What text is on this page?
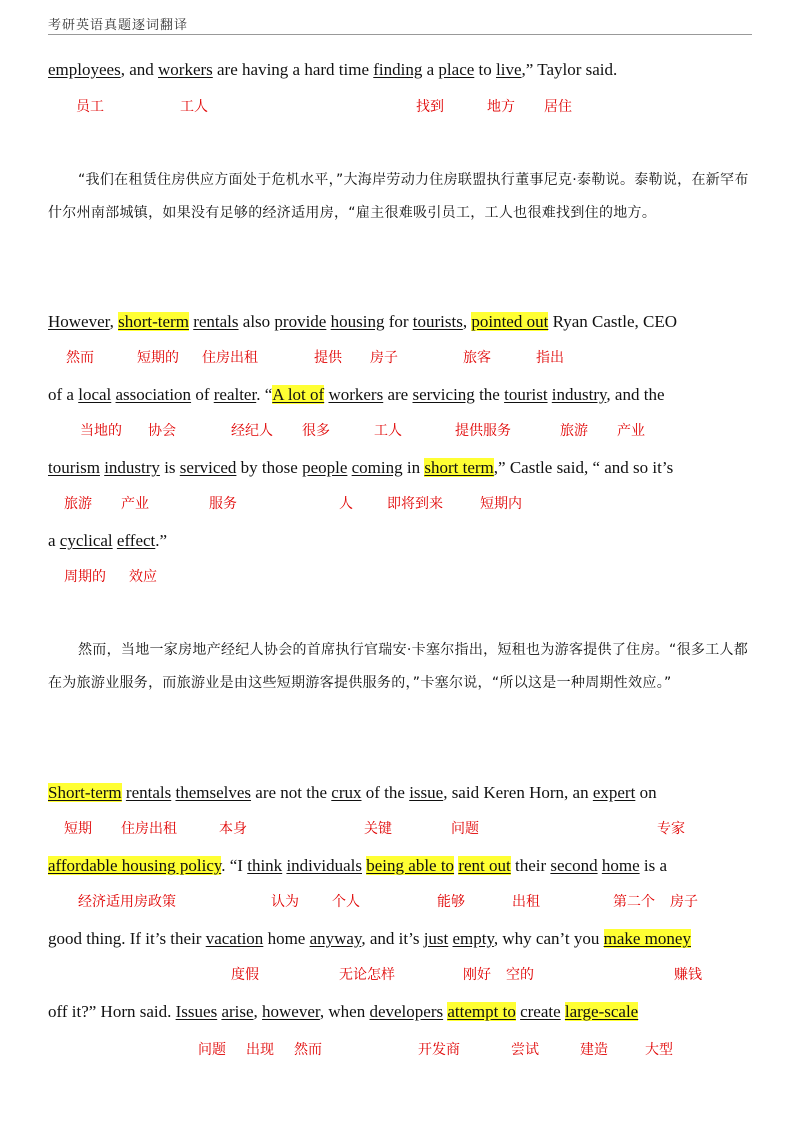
考研英语真题逐词翻译
employees, and workers are having a hard time finding a place to live,” Taylor said.
员工	工人	找到	地方 居住
“我们在租赁住房供应方面处于危机水平，”大海岸劳动力住房联盟执行董事尼克·泰勒说。泰勒说，在新罕布什尔州南部城镇，如果没有足够的经济适用房，“雇主很难吸引员工，工人也很难找到住的地方。
However, short-term rentals also provide housing for tourists, pointed out Ryan Castle, CEO
然而	短期的 住房出租	提供 房子	旅客	指出
of a local association of realter. “A lot of workers are servicing the tourist industry, and the
当地的 协会	经纪人 很多	工人	提供服务	旅游 产业
tourism industry is serviced by those people coming in short term,” Castle said, “ and so it’s
旅游 产业	服务	人 即将到来	短期内
a cyclical effect.”
周期的 效应
然而，当地一家房地产经纪人协会的首席执行官瑞安·卡塞尔指出，短租也为游客提供了住房。“很多工人都在为旅游业服务，而旅游业是由这些短期游客提供服务的，”卡塞尔说，“所以这是一种周期性效应。”
Short-term rentals themselves are not the crux of the issue, said Keren Horn, an expert on
短期 住房出租	本身	关键	问题	专家
affordable housing policy. “I think individuals being able to rent out their second home is a
经济适用房政策	认为 个人	能够	出租	第二个 房子
good thing. If it’s their vacation home anyway, and it’s just empty, why can’t you make money
度假	无论怎样	刚好 空的	赚钱
off it?” Horn said. Issues arise, however, when developers attempt to create large-scale
问题 出现 然而	开发商	尝试	建造	大型
